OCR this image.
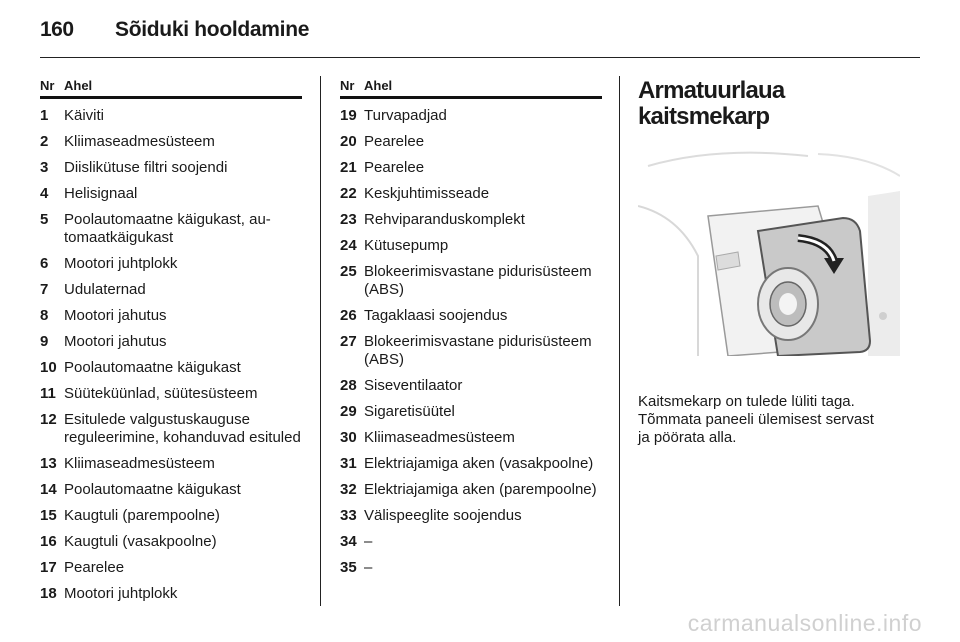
160	Sõiduki hooldamine
Nr Ahel
1	Käiviti
2	Kliimaseadmesüsteem
3	Diislikütuse filtri soojendi
4	Helisignaal
5	Poolautomaatne käigukast, au-tomaatkäigukast
6	Mootori juhtplokk
7	Udulaternad
8	Mootori jahutus
9	Mootori jahutus
10 Poolautomaatne käigukast
11 Süüteküünlad, süütesüsteem
12 Esitulede valgustuskauguse reguleerimine, kohanduvad esituled
13 Kliimaseadmesüsteem
14 Poolautomaatne käigukast
15 Kaugtuli (parempoolne)
16 Kaugtuli (vasakpoolne)
17 Pearelee
18 Mootori juhtplokk
Nr Ahel
19 Turvapadjad
20 Pearelee
21 Pearelee
22 Keskjuhtimisseade
23 Rehviparanduskomplekt
24 Kütusepump
25 Blokeerimisvastane pidurisüsteem (ABS)
26 Tagaklaasi soojendus
27 Blokeerimisvastane pidurisüsteem (ABS)
28 Siseventilaator
29 Sigaretisüütel
30 Kliimaseadmesüsteem
31 Elektriajamiga aken (vasakpoolne)
32 Elektriajamiga aken (parempoolne)
33 Välispeeglite soojendus
34 –
35 –
Armatuurlaua kaitsmekarp
Kaitsmekarp on tulede lüliti taga.
Tõmmata paneeli ülemisest servast
ja pöörata alla.
carmanualsonline.info
